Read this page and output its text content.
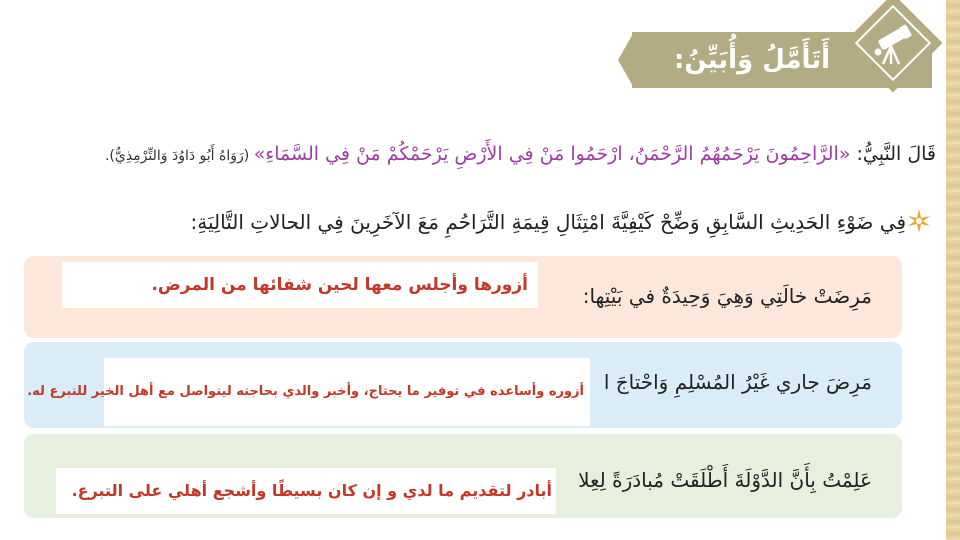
أَتَأَمَّلُ وَأُبَيِّنُ:
قَالَ النَّبِيُّ: «الرَّاحِمُونَ يَرْحَمُهُمُ الرَّحْمَنُ، ارْحَمُوا مَنْ فِي الأَرْضِ يَرْحَمْكُمْ مَنْ فِي السَّمَاءِ» (رَوَاهُ أَبُو دَاوُدَ وَالتِّرْمِذِيُّ).
فِي ضَوْءِ الحَدِيثِ السَّابِقِ وَضِّحْ كَيْفِيَّةَ امْتِثَالِ قِيمَةِ التَّرَاحُمِ مَعَ الآخَرِينَ فِي الحالاتِ التَّالِيَةِ:
مَرِضَتْ خالَتِي وَهِيَ وَحِيدَةٌ في بَيْتِها:
أزورها وأجلس معها لحين شفائها من المرض.
مَرِضَ جاري غَيْرُ المُسْلِمِ وَاحْتاجَ ا
أزوره وأساعده في توفير ما يحتاج، وأخبر والدي بحاجته ليتواصل مع أهل الخير للتبرع له.
عَلِمْتُ بِأَنَّ الدَّوْلَةَ أَطْلَقَتْ مُبادَرَةً لِعِلا
أبادر لتقديم ما لدي و إن كان بسيطًا وأشجع أهلي على التبرع.
